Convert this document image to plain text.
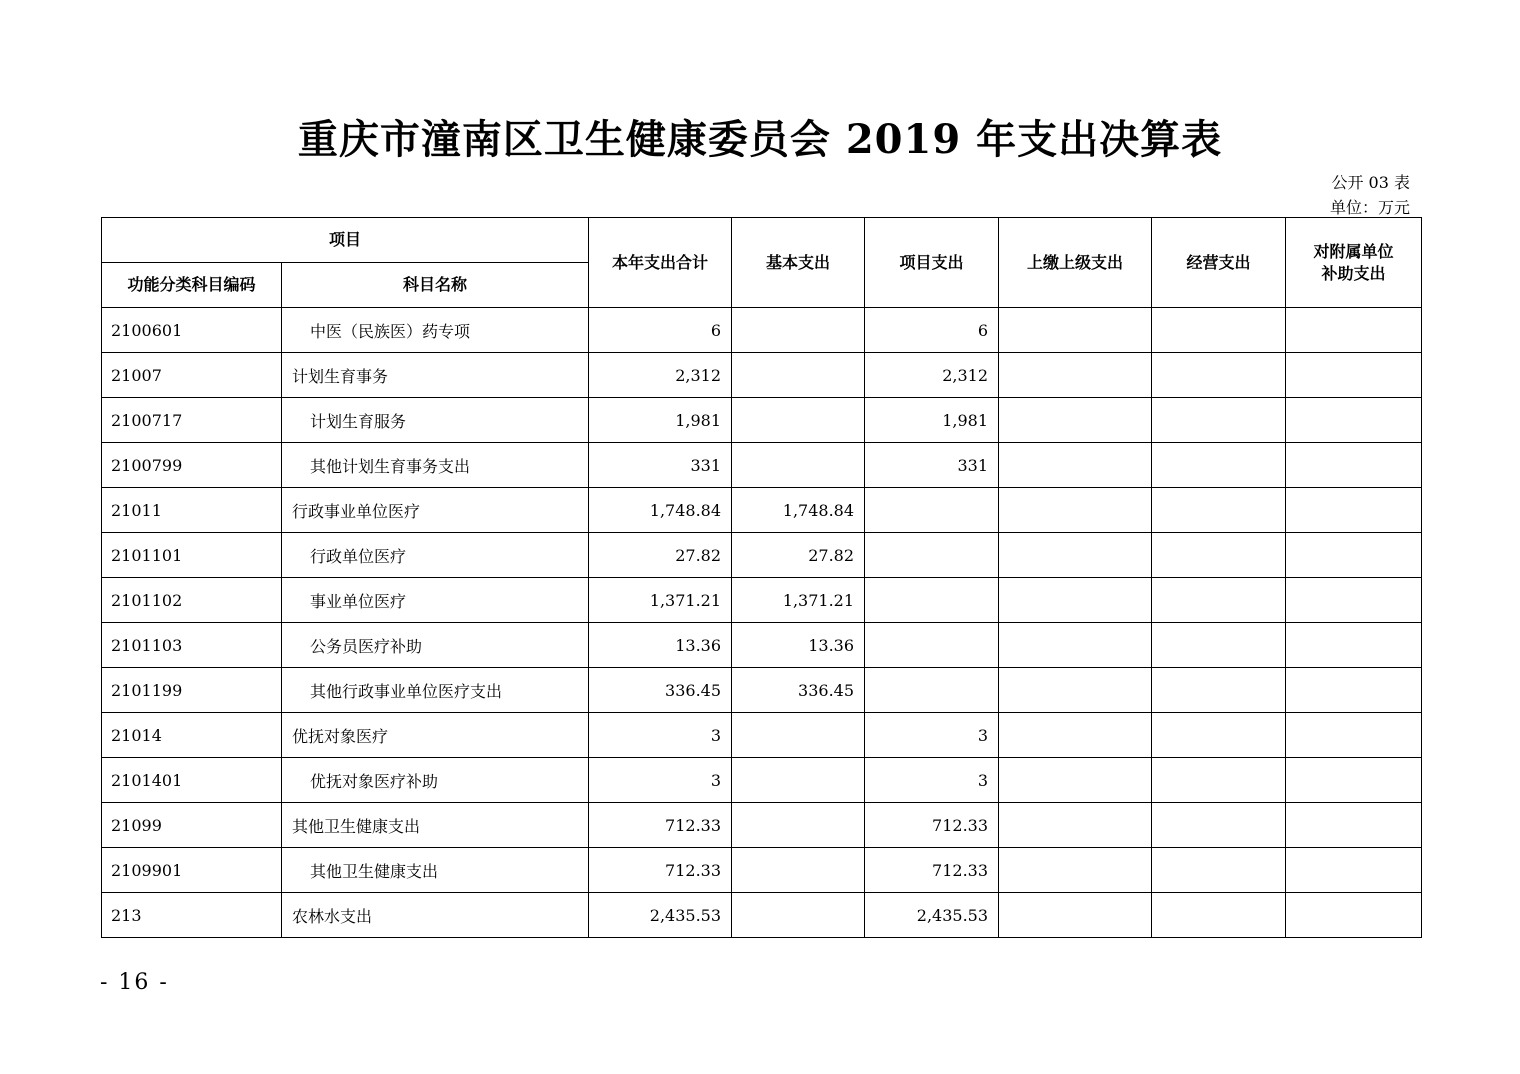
重庆市潼南区卫生健康委员会 2019 年支出决算表
公开 03 表
单位：万元
项目		本年支出合计	基本支出	项目支出	上缴上级支出	经营支出	对附属单位
补助支出

功能分类科目编码	科目名称						
2100601	中医（民族医）药专项	6		6			
21007	计划生育事务	2,312		2,312			
2100717	计划生育服务	1,981		1,981			
2100799	其他计划生育事务支出	331		331			
21011	行政事业单位医疗	1,748.84	1,748.84				
2101101	行政单位医疗	27.82	27.82				
2101102	事业单位医疗	1,371.21	1,371.21				
2101103	公务员医疗补助	13.36	13.36				
2101199	其他行政事业单位医疗支出	336.45	336.45				
21014	优抚对象医疗	3		3			
2101401	优抚对象医疗补助	3		3			
21099	其他卫生健康支出	712.33		712.33			
2109901	其他卫生健康支出	712.33		712.33			
213	农林水支出	2,435.53		2,435.53			
- 16 -
